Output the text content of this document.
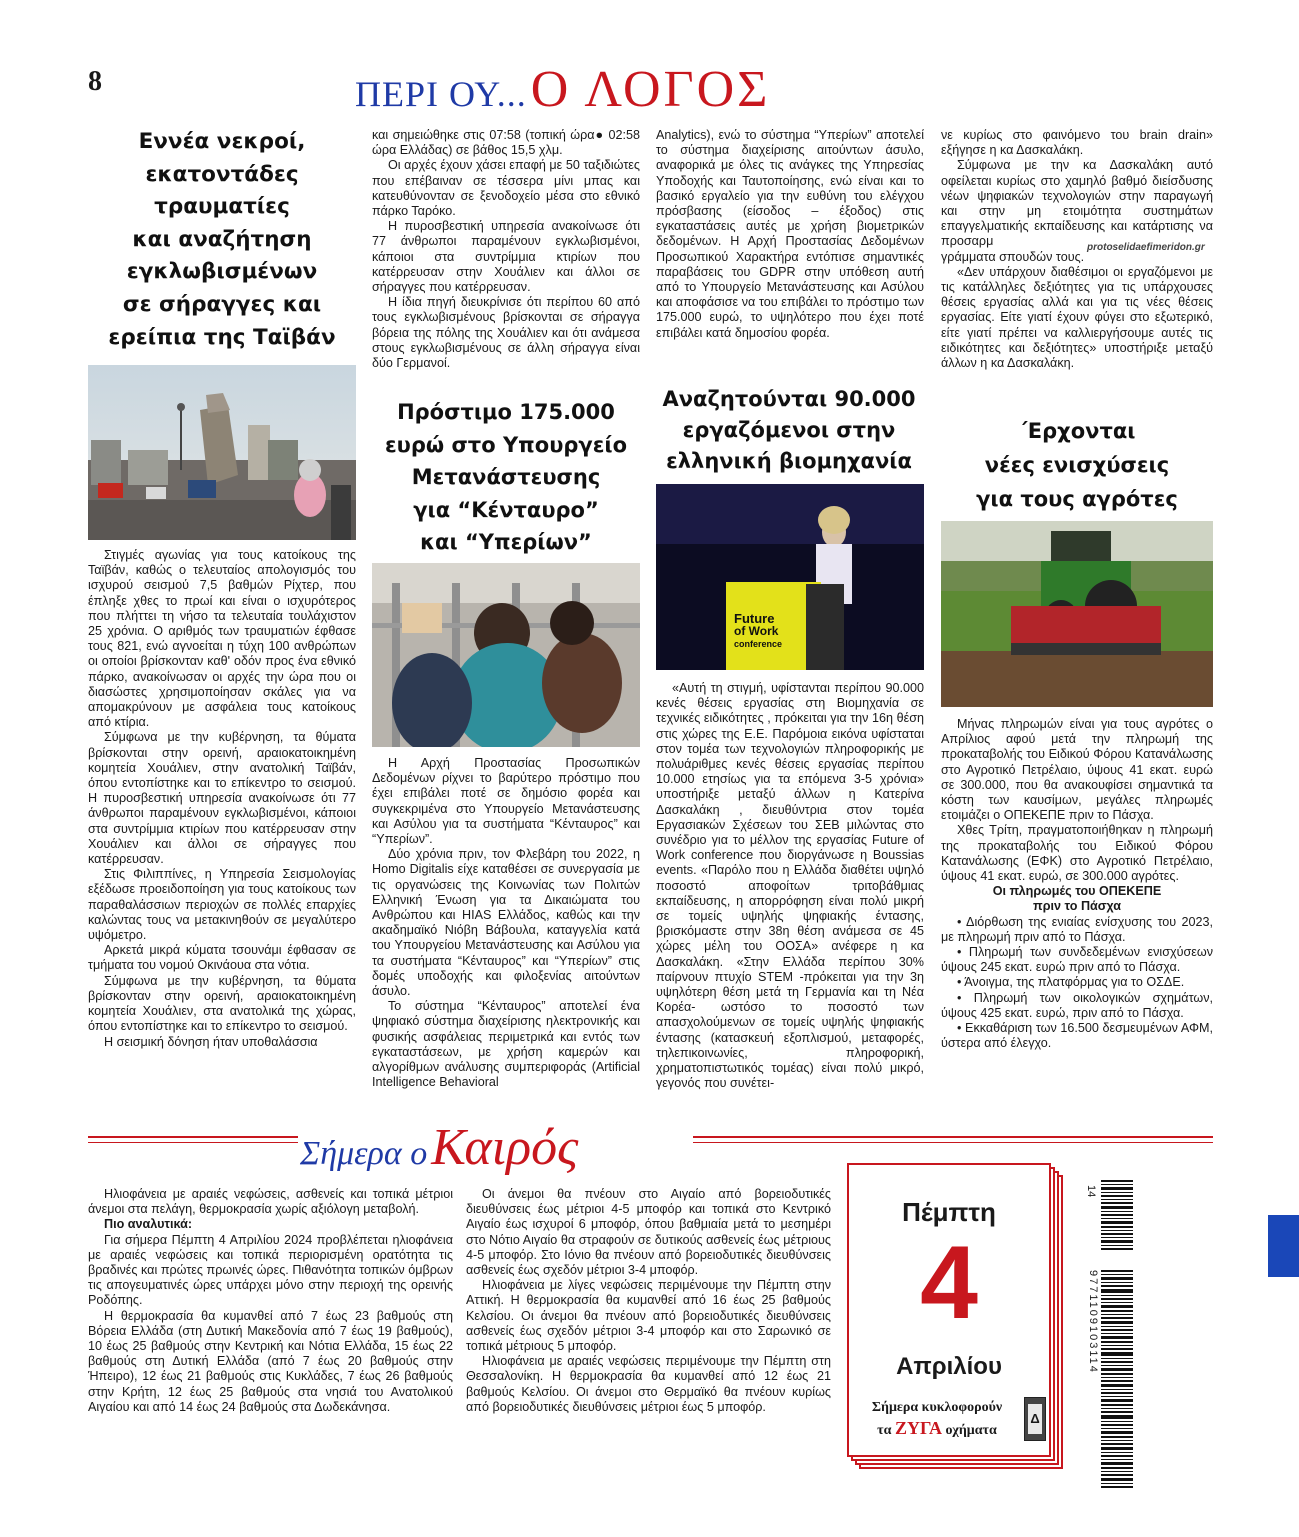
8	ΠΕΡΙ ΟΥ... Ο ΛΟΓΟΣ
Εννέα νεκροί,
εκατοντάδες
τραυματίες
και αναζήτηση
εγκλωβισμένων
σε σήραγγες και
ερείπια της Ταϊβάν

Στιγμές αγωνίας για τους κατοίκους της Ταϊβάν, καθώς ο τελευταίος απολογισμός του ισχυρού σεισμού 7,5 βαθμών Ρίχτερ, που έπληξε χθες το πρωί και είναι ο ισχυρότερος που πλήττει τη νήσο τα τελευταία τουλάχιστον 25 χρόνια. Ο αριθμός των τραυματιών έφθασε τους 821, ενώ αγνοείται η τύχη 100 ανθρώπων οι οποίοι βρίσκονταν καθ' οδόν προς ένα εθνικό πάρκο, ανακοίνωσαν οι αρχές την ώρα που οι διασώστες χρησιμοποίησαν σκάλες για να απομακρύνουν με ασφάλεια τους κατοίκους από κτίρια.

Σύμφωνα με την κυβέρνηση, τα θύματα βρίσκονται στην ορεινή, αραιοκατοικημένη κομητεία Χουάλιεν, στην ανατολική Ταϊβάν, όπου εντοπίστηκε και το επίκεντρο το σεισμού. Η πυροσβεστική υπηρεσία ανακοίνωσε ότι 77 άνθρωποι παραμένουν εγκλωβισμένοι, κάποιοι στα συντρίμμια κτιρίων που κατέρρευσαν στην Χουάλιεν και άλλοι σε σήραγγες που κατέρρευσαν.

Στις Φιλιππίνες, η Υπηρεσία Σεισμολογίας εξέδωσε προειδοποίηση για τους κατοίκους των παραθαλάσσιων περιοχών σε πολλές επαρχίες καλώντας τους να μετακινηθούν σε μεγαλύτερο υψόμετρο.

Αρκετά μικρά κύματα τσουνάμι έφθασαν σε τμήματα του νομού Οκινάουα στα νότια.

Σύμφωνα με την κυβέρνηση, τα θύματα βρίσκονταν στην ορεινή, αραιοκατοικημένη κομητεία Χουάλιεν, στα ανατολικά της χώρας, όπου εντοπίστηκε και το επίκεντρο το σεισμού.

Η σεισμική δόνηση ήταν υποθαλάσσια

και σημειώθηκε στις 07:58 (τοπική ώρα● 02:58 ώρα Ελλάδας) σε βάθος 15,5 χλμ.

Οι αρχές έχουν χάσει επαφή με 50 ταξιδιώτες που επέβαιναν σε τέσσερα μίνι μπας και κατευθύνονταν σε ξενοδοχείο μέσα στο εθνικό πάρκο Ταρόκο.

Η πυροσβεστική υπηρεσία ανακοίνωσε ότι 77 άνθρωποι παραμένουν εγκλωβισμένοι, κάποιοι στα συντρίμμια κτιρίων που κατέρρευσαν στην Χουάλιεν και άλλοι σε σήραγγες που κατέρρευσαν.

Η ίδια πηγή διευκρίνισε ότι περίπου 60 από τους εγκλωβισμένους βρίσκονται σε σήραγγα βόρεια της πόλης της Χουάλιεν και ότι ανάμεσα στους εγκλωβισμένους σε άλλη σήραγγα είναι δύο Γερμανοί.

Πρόστιμο 175.000
ευρώ στο Υπουργείο
Μετανάστευσης
για “Κένταυρο”
και “Υπερίων”

Η Αρχή Προστασίας Προσωπικών Δεδομένων ρίχνει το βαρύτερο πρόστιμο που έχει επιβάλει ποτέ σε δημόσιο φορέα και συγκεκριμένα στο Υπουργείο Μετανάστευσης και Ασύλου για τα συστήματα “Κένταυρος” και “Υπερίων”.

Δύο χρόνια πριν, τον Φλεβάρη του 2022, η Homo Digitalis είχε καταθέσει σε συνεργασία με τις οργανώσεις της Κοινωνίας των Πολιτών Ελληνική Ένωση για τα Δικαιώματα του Ανθρώπου και HIAS Ελλάδος, καθώς και την ακαδημαϊκό Νιόβη Βάβουλα, καταγγελία κατά του Υπουργείου Μετανάστευσης και Ασύλου για τα συστήματα “Κένταυρος” και “Υπερίων” στις δομές υποδοχής και φιλοξενίας αιτούντων άσυλο.

Το σύστημα “Κένταυρος” αποτελεί ένα ψηφιακό σύστημα διαχείρισης ηλεκτρονικής και φυσικής ασφάλειας περιμετρικά και εντός των εγκαταστάσεων, με χρήση καμερών και αλγορίθμων ανάλυσης συμπεριφοράς (Artificial Intelligence Behavioral

Analytics), ενώ το σύστημα “Υπερίων” αποτελεί το σύστημα διαχείρισης αιτούντων άσυλο, αναφορικά με όλες τις ανάγκες της Υπηρεσίας Υποδοχής και Ταυτοποίησης, ενώ είναι και το βασικό εργαλείο για την ευθύνη του ελέγχου πρόσβασης (είσοδος – έξοδος) στις εγκαταστάσεις αυτές με χρήση βιομετρικών δεδομένων. Η Αρχή Προστασίας Δεδομένων Προσωπικού Χαρακτήρα εντόπισε σημαντικές παραβάσεις του GDPR στην υπόθεση αυτή από το Υπουργείο Μετανάστευσης και Ασύλου και αποφάσισε να του επιβάλει το πρόστιμο των 175.000 ευρώ, το υψηλότερο που έχει ποτέ επιβάλει κατά δημοσίου φορέα.

Αναζητούνται 90.000
εργαζόμενοι στην
ελληνική βιομηχανία
Future
of Work
conference

«Αυτή τη στιγμή, υφίστανται περίπου 90.000 κενές θέσεις εργασίας στη Βιομηχανία σε τεχνικές ειδικότητες , πρόκειται για την 16η θέση στις χώρες της Ε.Ε. Παρόμοια εικόνα υφίσταται στον τομέα των τεχνολογιών πληροφορικής με πολυάριθμες κενές θέσεις εργασίας περίπου 10.000 ετησίως για τα επόμενα 3-5 χρόνια» υποστήριξε μεταξύ άλλων η Κατερίνα Δασκαλάκη , διευθύντρια στον τομέα Εργασιακών Σχέσεων του ΣΕΒ μιλώντας στο συνέδριο για το μέλλον της εργασίας Future of Work conference που διοργάνωσε η Boussias events. «Παρόλο που η Ελλάδα διαθέτει υψηλό ποσοστό αποφοίτων τριτοβάθμιας εκπαίδευσης, η απορρόφηση είναι πολύ μικρή σε τομείς υψηλής ψηφιακής έντασης, βρισκόμαστε στην 38η θέση ανάμεσα σε 45 χώρες μέλη του ΟΟΣΑ» ανέφερε η κα Δασκαλάκη. «Στην Ελλάδα περίπου 30% παίρνουν πτυχίο STEM -πρόκειται για την 3η υψηλότερη θέση μετά τη Γερμανία και τη Νέα Κορέα- ωστόσο το ποσοστό των απασχολούμενων σε τομείς υψηλής ψηφιακής έντασης (κατασκευή εξοπλισμού, μεταφορές, τηλεπικοινωνίες, πληροφορική, χρηματοπιστωτικός τομέας) είναι πολύ μικρό, γεγονός που συνέτει-

νε κυρίως στο φαινόμενο του brain drain» εξήγησε η κα Δασκαλάκη.

Σύμφωνα με την κα Δασκαλάκη αυτό οφείλεται κυρίως στο χαμηλό βαθμό διείσδυσης νέων ψηφιακών τεχνολογιών στην παραγωγή και στην μη ετοιμότητα συστημάτων επαγγελματικής εκπαίδευσης και κατάρτισης να προσαρμ

γράμματα σπουδών τους.

«Δεν υπάρχουν διαθέσιμοι οι εργαζόμενοι με τις κατάλληλες δεξιότητες για τις υπάρχουσες θέσεις εργασίας αλλά και για τις νέες θέσεις εργασίας. Είτε γιατί έχουν φύγει στο εξωτερικό, είτε γιατί πρέπει να καλλιεργήσουμε αυτές τις ειδικότητες και δεξιότητες» υποστήριξε μεταξύ άλλων η κα Δασκαλάκη.

protoselidaefimeridon.gr
΄Ερχονται
νέες ενισχύσεις
για τους αγρότες

Μήνας πληρωμών είναι για τους αγρότες ο Απρίλιος αφού μετά την πληρωμή της προκαταβολής του Ειδικού Φόρου Κατανάλωσης στο Αγροτικό Πετρέλαιο, ύψους 41 εκατ. ευρώ σε 300.000, που θα ανακουφίσει σημαντικά τα κόστη των καυσίμων, μεγάλες πληρωμές ετοιμάζει ο ΟΠΕΚΕΠΕ πριν το Πάσχα.

Χθες Τρίτη, πραγματοποιήθηκαν η πληρωμή της προκαταβολής του Ειδικού Φόρου Κατανάλωσης (ΕΦΚ) στο Αγροτικό Πετρέλαιο, ύψους 41 εκατ. ευρώ, σε 300.000 αγρότες.

Οι πληρωμές του ΟΠΕΚΕΠΕ

πριν το Πάσχα

• Διόρθωση της ενιαίας ενίσχυσης του 2023, με πληρωμή πριν από το Πάσχα.

• Πληρωμή των συνδεδεμένων ενισχύσεων ύψους 245 εκατ. ευρώ πριν από το Πάσχα.

• Άνοιγμα, της πλατφόρμας για το ΟΣΔΕ.

• Πληρωμή των οικολογικών σχημάτων, ύψους 425 εκατ. ευρώ, πριν από το Πάσχα.

• Εκκαθάριση των 16.500 δεσμευμένων ΑΦΜ, ύστερα από έλεγχο.

Σήμερα ο Καιρός

Ηλιοφάνεια με αραιές νεφώσεις, ασθενείς και τοπικά μέτριοι άνεμοι στα πελάγη, θερμοκρασία χωρίς αξιόλογη μεταβολή.

Πιο αναλυτικά:

Για σήμερα Πέμπτη 4 Απριλίου 2024 προβλέπεται ηλιοφάνεια με αραιές νεφώσεις και τοπικά περιορισμένη ορατότητα τις βραδινές και πρώτες πρωινές ώρες. Πιθανότητα τοπικών όμβρων τις απογευματινές ώρες υπάρχει μόνο στην περιοχή της ορεινής Ροδόπης.

Η θερμοκρασία θα κυμανθεί από 7 έως 23 βαθμούς στη Βόρεια Ελλάδα (στη Δυτική Μακεδονία από 7 έως 19 βαθμούς), 10 έως 25 βαθμούς στην Κεντρική και Νότια Ελλάδα, 15 έως 22 βαθμούς στη Δυτική Ελλάδα (από 7 έως 20 βαθμούς στην Ήπειρο), 12 έως 21 βαθμούς στις Κυκλάδες, 7 έως 26 βαθμούς στην Κρήτη, 12 έως 25 βαθμούς στα νησιά του Ανατολικού Αιγαίου και από 14 έως 24 βαθμούς στα Δωδεκάνησα.

Οι άνεμοι θα πνέουν στο Αιγαίο από βορειοδυτικές διευθύνσεις έως μέτριοι 4-5 μποφόρ και τοπικά στο Κεντρικό Αιγαίο έως ισχυροί 6 μποφόρ, όπου βαθμιαία μετά το μεσημέρι στο Νότιο Αιγαίο θα στραφούν σε δυτικούς ασθενείς έως μέτριους 4-5 μποφόρ. Στο Ιόνιο θα πνέουν από βορειοδυτικές διευθύνσεις ασθενείς έως σχεδόν μέτριοι 3-4 μποφόρ.

Ηλιοφάνεια με λίγες νεφώσεις περιμένουμε την Πέμπτη στην Αττική. Η θερμοκρασία θα κυμανθεί από 16 έως 25 βαθμούς Κελσίου. Οι άνεμοι θα πνέουν από βορειοδυτικές διευθύνσεις ασθενείς έως σχεδόν μέτριοι 3-4 μποφόρ και στο Σαρωνικό σε τοπικά μέτριους 5 μποφόρ.

Ηλιοφάνεια με αραιές νεφώσεις περιμένουμε την Πέμπτη στη Θεσσαλονίκη. Η θερμοκρασία θα κυμανθεί από 12 έως 21 βαθμούς Κελσίου. Οι άνεμοι στο Θερμαϊκό θα πνέουν κυρίως από βορειοδυτικές διευθύνσεις μέτριοι έως 5 μποφόρ.

Πέμπτη
4
Απριλίου
Σήμερα κυκλοφορούν
τα ΖΥΓΑ οχήματα
Δ
14
9771109103114
